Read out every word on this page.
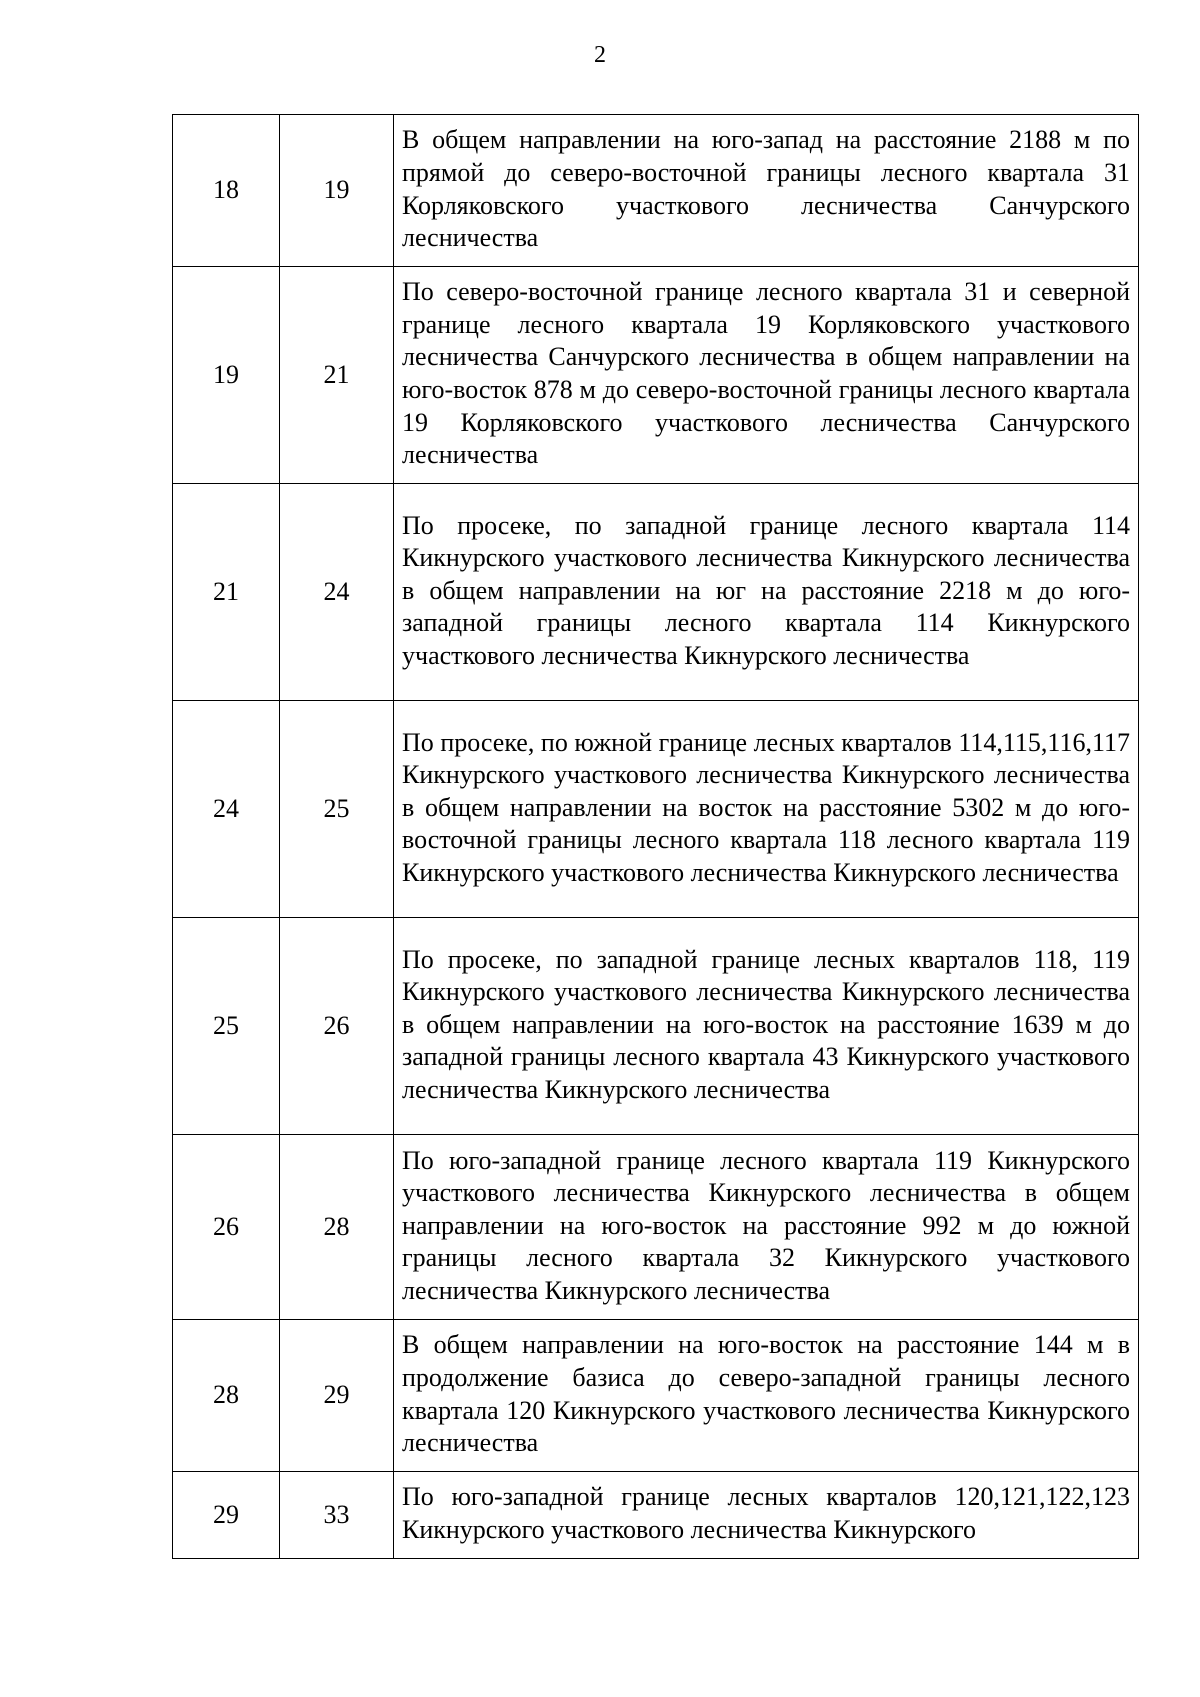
2
18	19	В общем направлении на юго-запад на расстояние 2188 м по прямой до северо-восточной границы лесного квартала 31 Корляковского участкового лесничества Санчурского лесничества
19	21	По северо-восточной границе лесного квартала 31 и северной границе лесного квартала 19 Корляковского участкового лесничества Санчурского лесничества в общем направлении на юго-восток 878 м до северо-восточной границы лесного квартала 19 Корляковского участкового лесничества Санчурского лесничества
21	24	По просеке, по западной границе лесного квартала 114 Кикнурского участкового лесничества Кикнурского лесничества в общем направлении на юг на расстояние 2218 м до юго-западной границы лесного квартала 114 Кикнурского участкового лесничества Кикнурского лесничества
24	25	По просеке, по южной границе лесных кварталов 114,115,116,117 Кикнурского участкового лесничества Кикнурского лесничества в общем направлении на восток на расстояние 5302 м до юго-восточной границы лесного квартала 118 лесного квартала 119 Кикнурского участкового лесничества Кикнурского лесничества
25	26	По просеке, по западной границе лесных кварталов 118, 119 Кикнурского участкового лесничества Кикнурского лесничества в общем направлении на юго-восток на расстояние 1639 м до западной границы лесного квартала 43 Кикнурского участкового лесничества Кикнурского лесничества
26	28	По юго-западной границе лесного квартала 119 Кикнурского участкового лесничества Кикнурского лесничества в общем направлении на юго-восток на расстояние 992 м до южной границы лесного квартала 32 Кикнурского участкового лесничества Кикнурского лесничества
28	29	В общем направлении на юго-восток на расстояние 144 м в продолжение базиса до северо-западной границы лесного квартала 120 Кикнурского участкового лесничества Кикнурского лесничества
29	33	По юго-западной границе лесных кварталов 120,121,122,123 Кикнурского участкового лесничества Кикнурского
